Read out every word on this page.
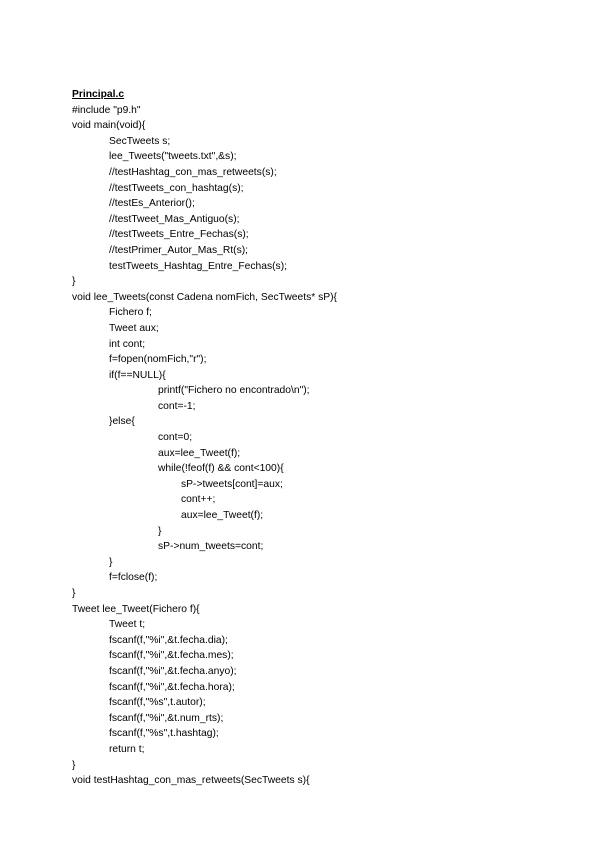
Principal.c
#include "p9.h"
void main(void){
SecTweets s;
lee_Tweets("tweets.txt",&s);
//testHashtag_con_mas_retweets(s);
//testTweets_con_hashtag(s);
//testEs_Anterior();
//testTweet_Mas_Antiguo(s);
//testTweets_Entre_Fechas(s);
//testPrimer_Autor_Mas_Rt(s);
testTweets_Hashtag_Entre_Fechas(s);
}
void lee_Tweets(const Cadena nomFich, SecTweets* sP){
Fichero f;
Tweet aux;
int cont;
f=fopen(nomFich,"r");
if(f==NULL){
printf("Fichero no encontrado\n");
cont=-1;
}else{
cont=0;
aux=lee_Tweet(f);
while(!feof(f) && cont<100){
sP->tweets[cont]=aux;
cont++;
aux=lee_Tweet(f);
}
sP->num_tweets=cont;
}
f=fclose(f);
}
Tweet lee_Tweet(Fichero f){
Tweet t;
fscanf(f,"%i",&t.fecha.dia);
fscanf(f,"%i",&t.fecha.mes);
fscanf(f,"%i",&t.fecha.anyo);
fscanf(f,"%i",&t.fecha.hora);
fscanf(f,"%s",t.autor);
fscanf(f,"%i",&t.num_rts);
fscanf(f,"%s",t.hashtag);
return t;
}
void testHashtag_con_mas_retweets(SecTweets s){
